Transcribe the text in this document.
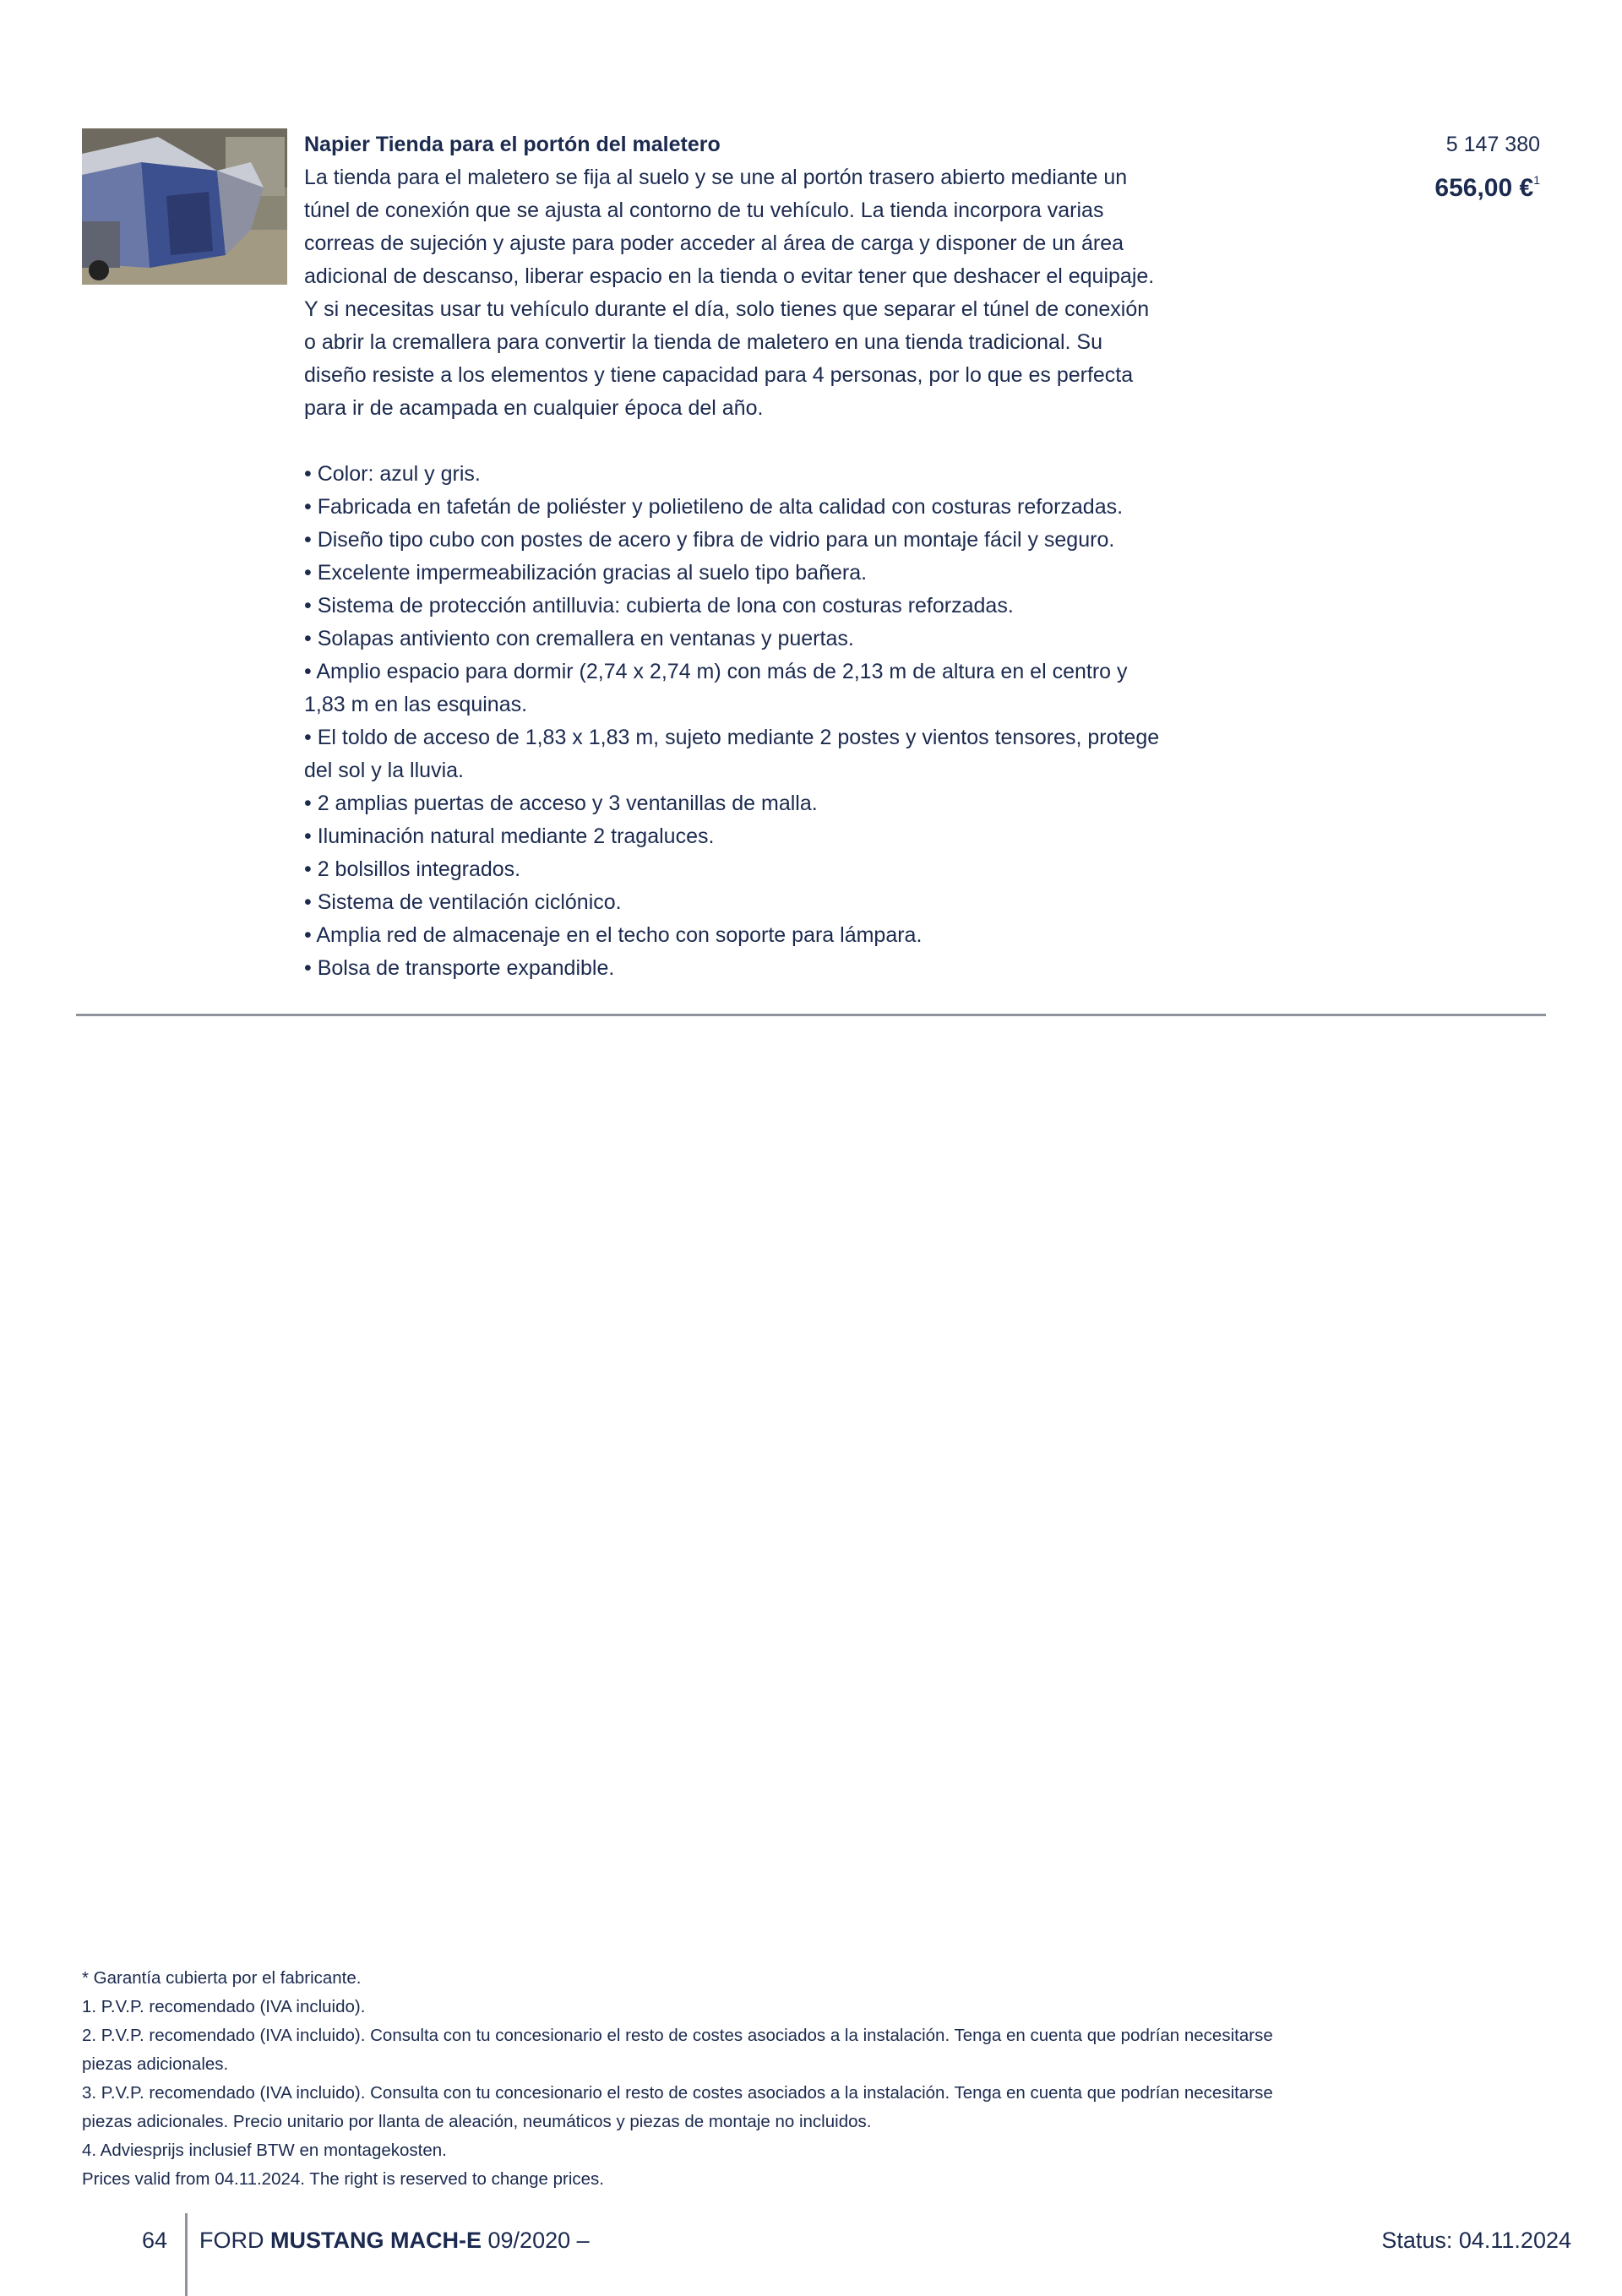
Napier Tienda para el portón del maletero

La tienda para el maletero se fija al suelo y se une al portón trasero abierto mediante un
túnel de conexión que se ajusta al contorno de tu vehículo. La tienda incorpora varias
correas de sujeción y ajuste para poder acceder al área de carga y disponer de un área
adicional de descanso, liberar espacio en la tienda o evitar tener que deshacer el equipaje.
Y si necesitas usar tu vehículo durante el día, solo tienes que separar el túnel de conexión
o abrir la cremallera para convertir la tienda de maletero en una tienda tradicional. Su
diseño resiste a los elementos y tiene capacidad para 4 personas, por lo que es perfecta
para ir de acampada en cualquier época del año.

• Color: azul y gris.
• Fabricada en tafetán de poliéster y polietileno de alta calidad con costuras reforzadas.
• Diseño tipo cubo con postes de acero y fibra de vidrio para un montaje fácil y seguro.
• Excelente impermeabilización gracias al suelo tipo bañera.
• Sistema de protección antilluvia: cubierta de lona con costuras reforzadas.
• Solapas antiviento con cremallera en ventanas y puertas.
• Amplio espacio para dormir (2,74 x 2,74 m) con más de 2,13 m de altura en el centro y
1,83 m en las esquinas.
• El toldo de acceso de 1,83 x 1,83 m, sujeto mediante 2 postes y vientos tensores, protege
del sol y la lluvia.
• 2 amplias puertas de acceso y 3 ventanillas de malla.
• Iluminación natural mediante 2 tragaluces.
• 2 bolsillos integrados.
• Sistema de ventilación ciclónico.
• Amplia red de almacenaje en el techo con soporte para lámpara.
• Bolsa de transporte expandible.
5 147 380
656,00 €$^1$

* Garantía cubierta por el fabricante.

1. P.V.P. recomendado (IVA incluido).

2. P.V.P. recomendado (IVA incluido). Consulta con tu concesionario el resto de costes asociados a la instalación. Tenga en cuenta que podrían necesitarse

piezas adicionales.

3. P.V.P. recomendado (IVA incluido). Consulta con tu concesionario el resto de costes asociados a la instalación. Tenga en cuenta que podrían necesitarse

piezas adicionales. Precio unitario por llanta de aleación, neumáticos y piezas de montaje no incluidos.

4. Adviesprijs inclusief BTW en montagekosten.

Prices valid from 04.11.2024. The right is reserved to change prices.

64 FORD MUSTANG MACH-E 09/2020 –	Status: 04.11.2024
